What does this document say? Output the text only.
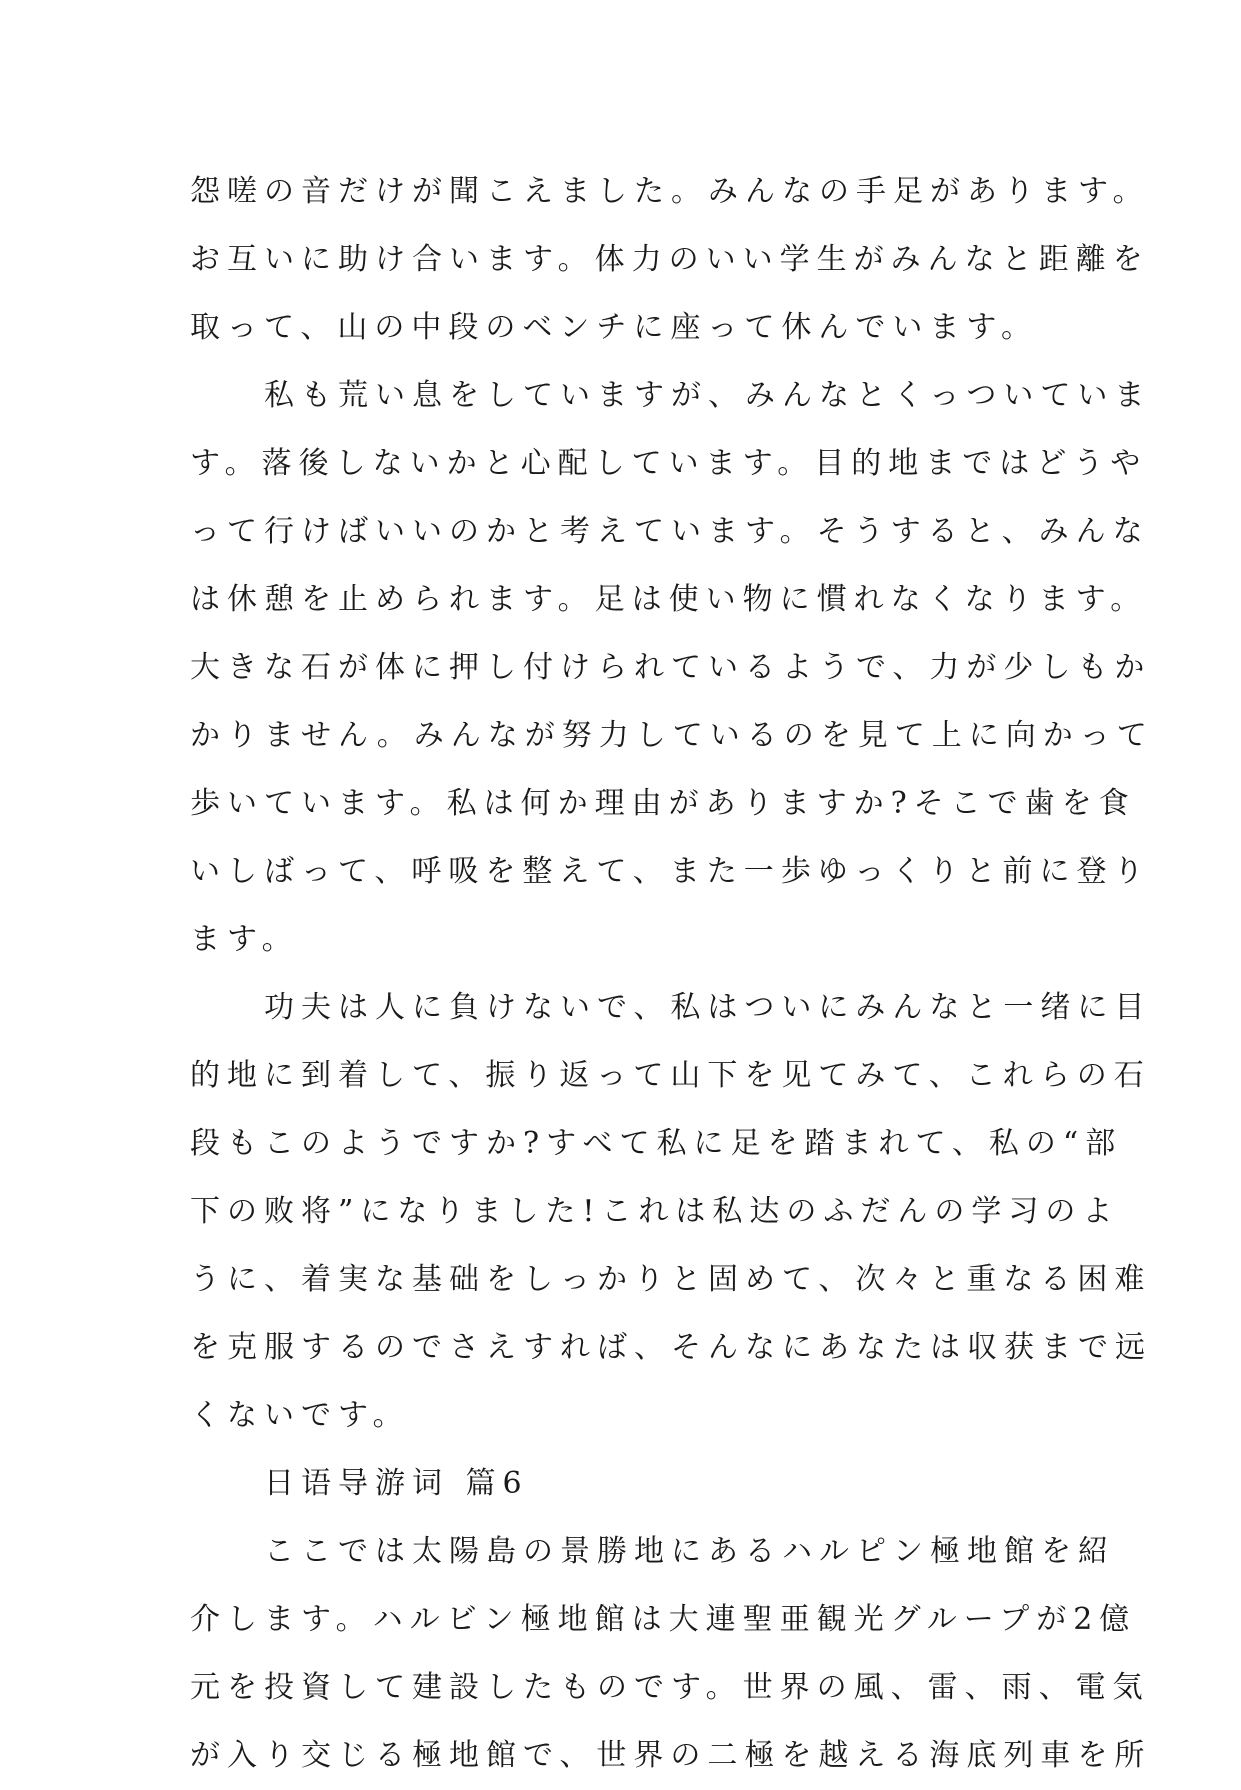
怨嗟の音だけが聞こえました。みんなの手足があります。
お互いに助け合います。体力のいい学生がみんなと距離を
取って、山の中段のベンチに座って休んでいます。
　　私も荒い息をしていますが、みんなとくっついていま
す。落後しないかと心配しています。目的地まではどうや
って行けばいいのかと考えています。そうすると、みんな
は休憩を止められます。足は使い物に慣れなくなります。
大きな石が体に押し付けられているようで、力が少しもか
かりません。みんなが努力しているのを見て上に向かって
歩いています。私は何か理由がありますか?そこで歯を食
いしばって、呼吸を整えて、また一歩ゆっくりと前に登り
ます。
　　功夫は人に負けないで、私はついにみんなと一绪に目
的地に到着して、振り返って山下を见てみて、これらの石
段もこのようですか?すべて私に足を踏まれて、私の“部
下の败将”になりました!これは私达のふだんの学习のよ
うに、着実な基础をしっかりと固めて、次々と重なる困难
を克服するのでさえすれば、そんなにあなたは収获まで远
くないです。
　　日语导游词 篇6
　　ここでは太陽島の景勝地にあるハルピン極地館を紹
介します。ハルビン極地館は大連聖亜観光グループが2億
元を投資して建設したものです。世界の風、雷、雨、電気
が入り交じる極地館で、世界の二極を越える海底列車を所
